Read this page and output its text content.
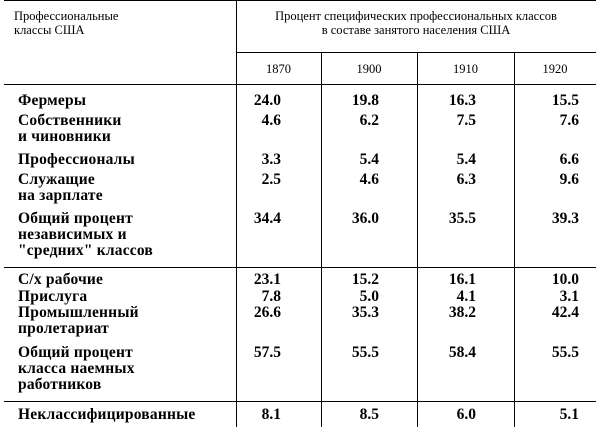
Профессиональные
классы США
Процент специфических профессиональных классов
в составе занятого населения США
1870	1900	1910	1920
Фермеры	24.0	19.8	16.3	15.5
Собственники
и чиновники
4.6	6.2	7.5	7.6
Профессионалы	3.3	5.4	5.4	6.6
Служащие
на зарплате
2.5	4.6	6.3	9.6
Общий процент
независимых и
"средних" классов
34.4	36.0	35.5	39.3
С/х рабочие	23.1	15.2	16.1	10.0
Прислуга	7.8	5.0	4.1	3.1
Промышленный
пролетариат
26.6	35.3	38.2	42.4
Общий процент
класса наемных
работников
57.5	55.5	58.4	55.5
Неклассифицированные	8.1	8.5	6.0	5.1
